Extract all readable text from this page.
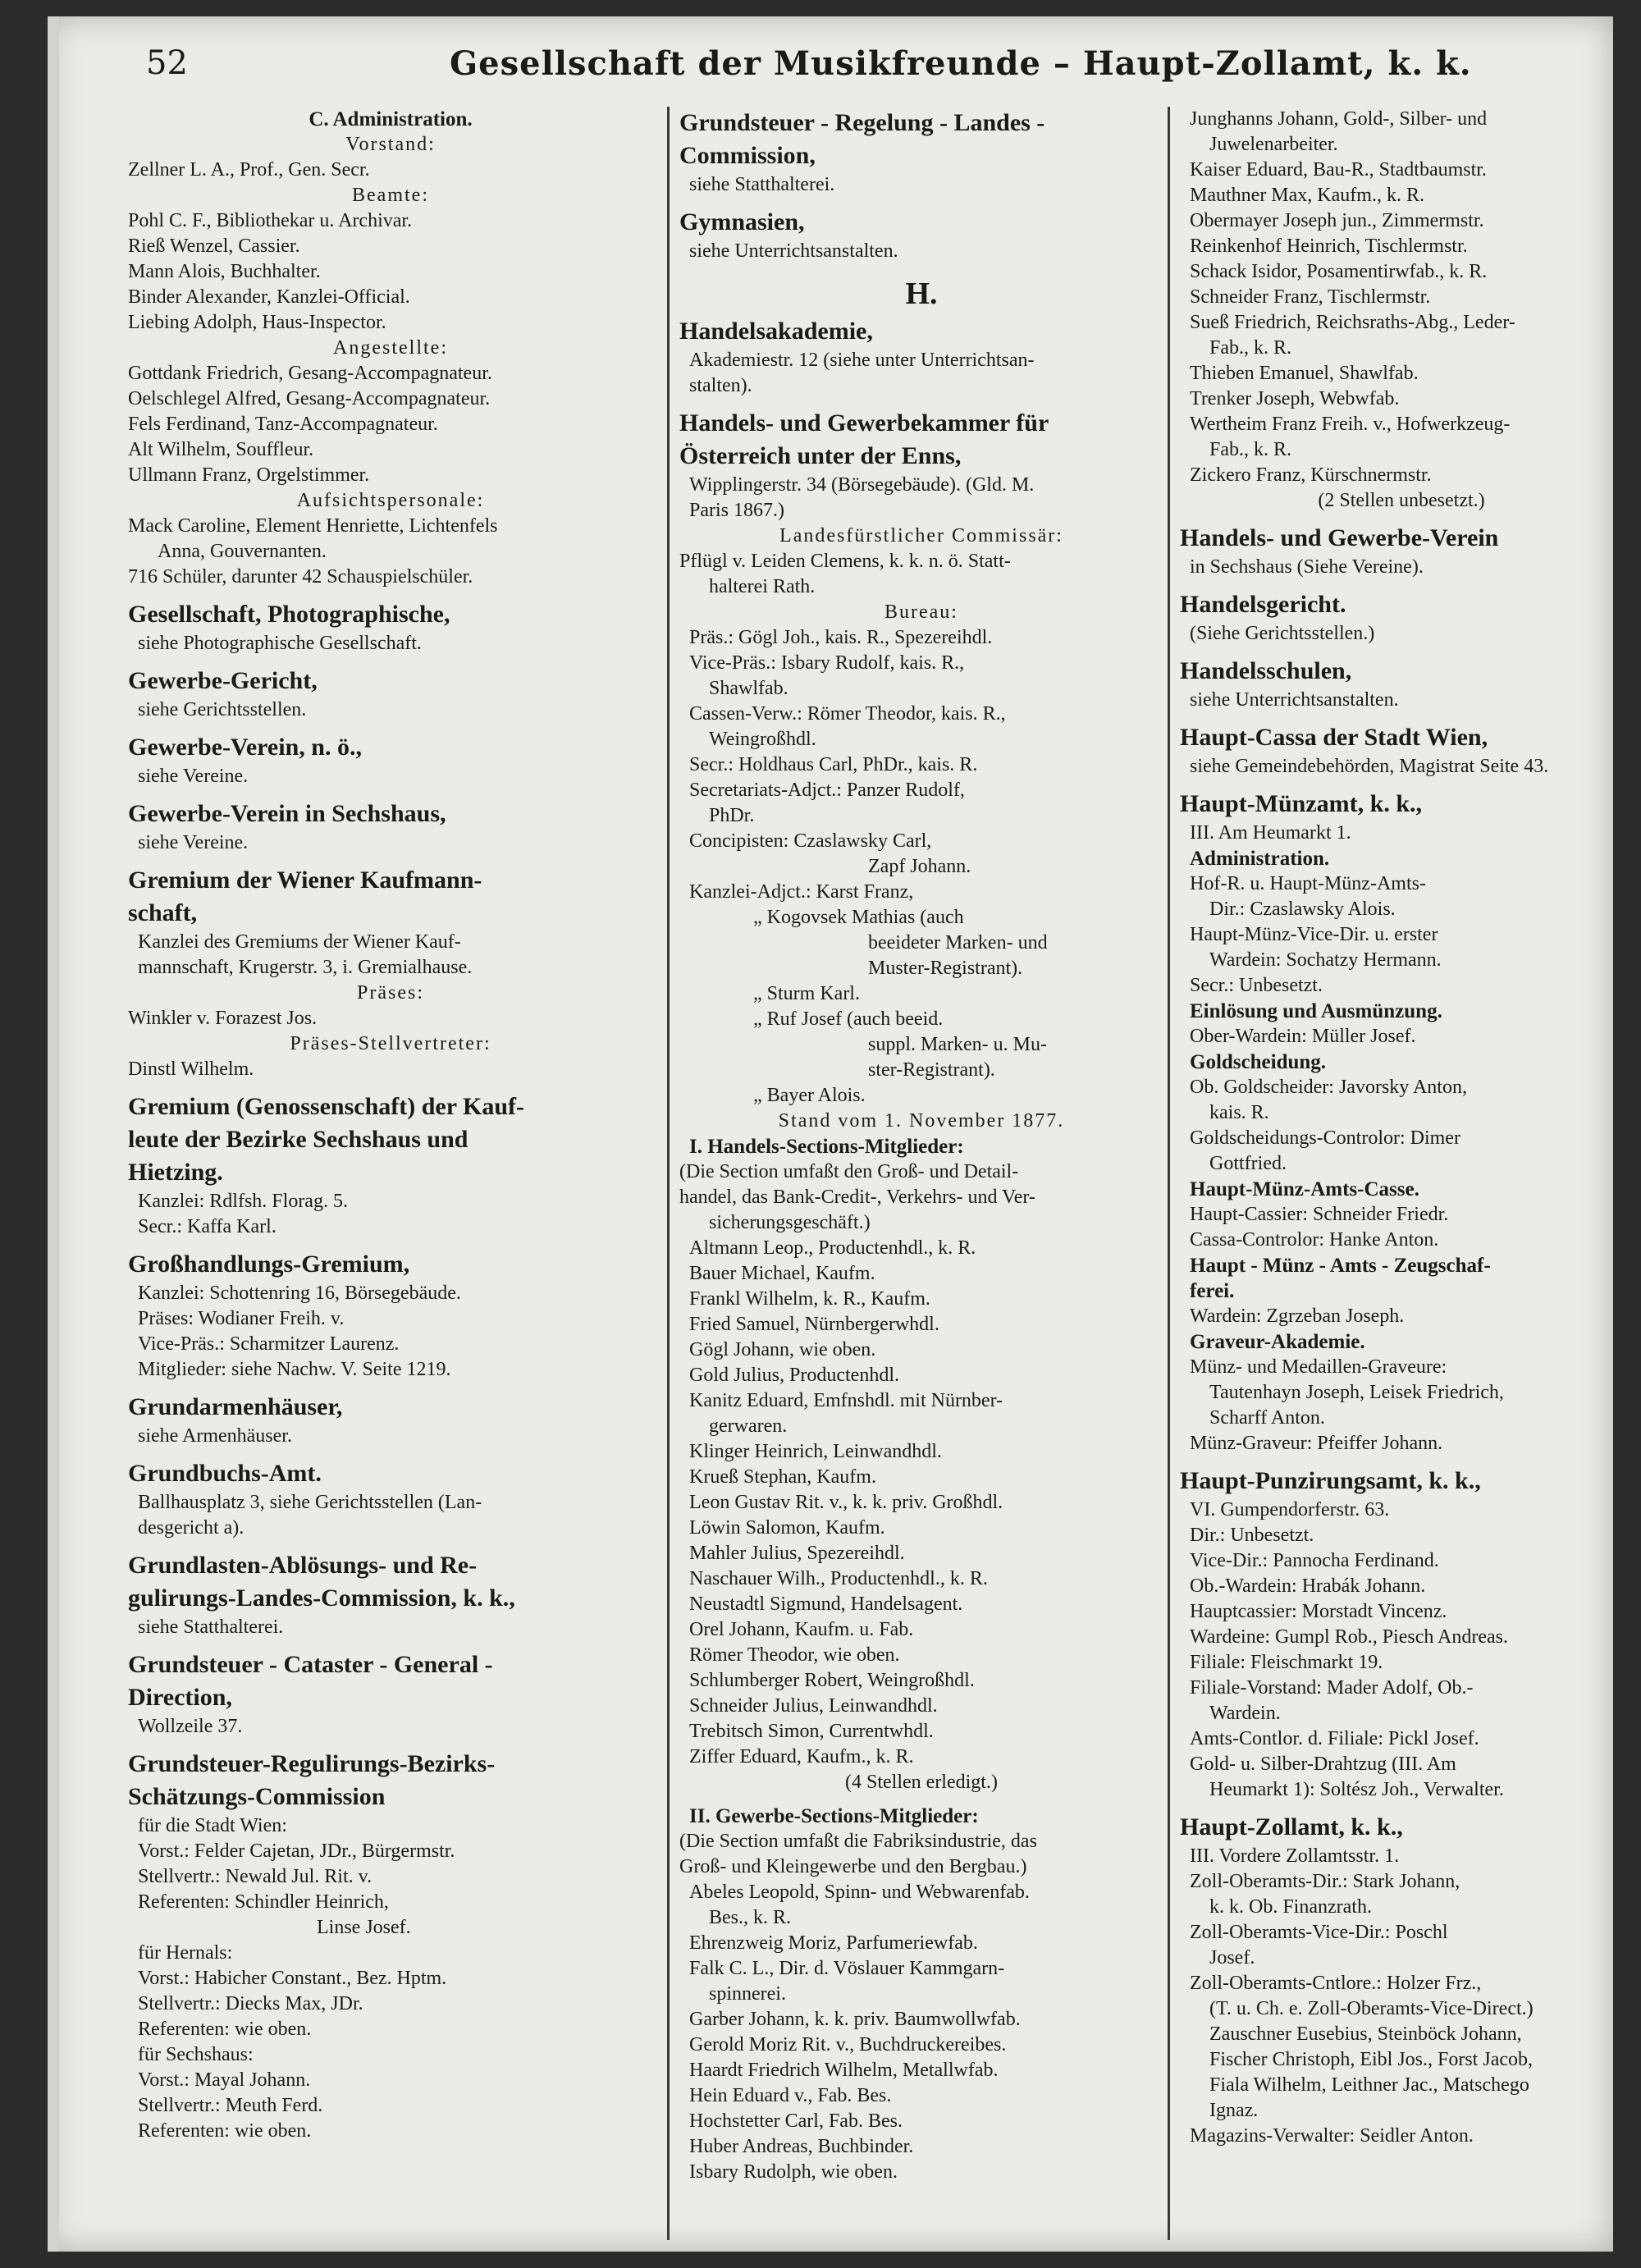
52	Gesellschaft der Musikfreunde – Haupt-Zollamt, k. k.
C. Administration.
Vorstand:
Zellner L. A., Prof., Gen. Secr.
Beamte:
Pohl C. F., Bibliothekar u. Archivar.
Rieß Wenzel, Cassier.
Mann Alois, Buchhalter.
Binder Alexander, Kanzlei-Official.
Liebing Adolph, Haus-Inspector.
Angestellte:
Gottdank Friedrich, Gesang-Accompagnateur.
Oelschlegel Alfred, Gesang-Accompagnateur.
Fels Ferdinand, Tanz-Accompagnateur.
Alt Wilhelm, Souffleur.
Ullmann Franz, Orgelstimmer.
Aufsichtspersonale:
Mack Caroline, Element Henriette, Lichtenfels
Anna, Gouvernanten.
716 Schüler, darunter 42 Schauspielschüler.
Gesellschaft, Photographische,
siehe Photographische Gesellschaft.
Gewerbe-Gericht,
siehe Gerichtsstellen.
Gewerbe-Verein, n. ö.,
siehe Vereine.
Gewerbe-Verein in Sechshaus,
siehe Vereine.
Gremium der Wiener Kaufmann-
schaft,
Kanzlei des Gremiums der Wiener Kauf-
mannschaft, Krugerstr. 3, i. Gremialhause.
Präses:
Winkler v. Forazest Jos.
Präses-Stellvertreter:
Dinstl Wilhelm.
Gremium (Genossenschaft) der Kauf-
leute der Bezirke Sechshaus und
Hietzing.
Kanzlei: Rdlfsh. Florag. 5.
Secr.: Kaffa Karl.
Großhandlungs-Gremium,
Kanzlei: Schottenring 16, Börsegebäude.
Präses: Wodianer Freih. v.
Vice-Präs.: Scharmitzer Laurenz.
Mitglieder: siehe Nachw. V. Seite 1219.
Grundarmenhäuser,
siehe Armenhäuser.
Grundbuchs-Amt.
Ballhausplatz 3, siehe Gerichtsstellen (Lan-
desgericht a).
Grundlasten-Ablösungs- und Re-
gulirungs-Landes-Commission, k. k.,
siehe Statthalterei.
Grundsteuer - Cataster - General -
Direction,
Wollzeile 37.
Grundsteuer-Regulirungs-Bezirks-
Schätzungs-Commission
für die Stadt Wien:
Vorst.: Felder Cajetan, JDr., Bürgermstr.
Stellvertr.: Newald Jul. Rit. v.
Referenten: Schindler Heinrich,
Linse Josef.
für Hernals:
Vorst.: Habicher Constant., Bez. Hptm.
Stellvertr.: Diecks Max, JDr.
Referenten: wie oben.
für Sechshaus:
Vorst.: Mayal Johann.
Stellvertr.: Meuth Ferd.
Referenten: wie oben.
Grundsteuer - Regelung - Landes -
Commission,
siehe Statthalterei.
Gymnasien,
siehe Unterrichtsanstalten.
H.
Handelsakademie,
Akademiestr. 12 (siehe unter Unterrichtsan-
stalten).
Handels- und Gewerbekammer für
Österreich unter der Enns,
Wipplingerstr. 34 (Börsegebäude). (Gld. M.
Paris 1867.)
Landesfürstlicher Commissär:
Pflügl v. Leiden Clemens, k. k. n. ö. Statt-
halterei Rath.
Bureau:
Präs.: Gögl Joh., kais. R., Spezereihdl.
Vice-Präs.: Isbary Rudolf, kais. R.,
Shawlfab.
Cassen-Verw.: Römer Theodor, kais. R.,
Weingroßhdl.
Secr.: Holdhaus Carl, PhDr., kais. R.
Secretariats-Adjct.: Panzer Rudolf,
PhDr.
Concipisten: Czaslawsky Carl,
Zapf Johann.
Kanzlei-Adjct.: Karst Franz,
„ Kogovsek Mathias (auch
beeideter Marken- und
Muster-Registrant).
„ Sturm Karl.
„ Ruf Josef (auch beeid.
suppl. Marken- u. Mu-
ster-Registrant).
„ Bayer Alois.
Stand vom 1. November 1877.
I. Handels-Sections-Mitglieder:
(Die Section umfaßt den Groß- und Detail-
handel, das Bank-Credit-, Verkehrs- und Ver-
sicherungsgeschäft.)
Altmann Leop., Productenhdl., k. R.
Bauer Michael, Kaufm.
Frankl Wilhelm, k. R., Kaufm.
Fried Samuel, Nürnbergerwhdl.
Gögl Johann, wie oben.
Gold Julius, Productenhdl.
Kanitz Eduard, Emfnshdl. mit Nürnber-
gerwaren.
Klinger Heinrich, Leinwandhdl.
Krueß Stephan, Kaufm.
Leon Gustav Rit. v., k. k. priv. Großhdl.
Löwin Salomon, Kaufm.
Mahler Julius, Spezereihdl.
Naschauer Wilh., Productenhdl., k. R.
Neustadtl Sigmund, Handelsagent.
Orel Johann, Kaufm. u. Fab.
Römer Theodor, wie oben.
Schlumberger Robert, Weingroßhdl.
Schneider Julius, Leinwandhdl.
Trebitsch Simon, Currentwhdl.
Ziffer Eduard, Kaufm., k. R.
(4 Stellen erledigt.)
II. Gewerbe-Sections-Mitglieder:
(Die Section umfaßt die Fabriksindustrie, das
Groß- und Kleingewerbe und den Bergbau.)
Abeles Leopold, Spinn- und Webwarenfab.
Bes., k. R.
Ehrenzweig Moriz, Parfumeriewfab.
Falk C. L., Dir. d. Vöslauer Kammgarn-
spinnerei.
Garber Johann, k. k. priv. Baumwollwfab.
Gerold Moriz Rit. v., Buchdruckereibes.
Haardt Friedrich Wilhelm, Metallwfab.
Hein Eduard v., Fab. Bes.
Hochstetter Carl, Fab. Bes.
Huber Andreas, Buchbinder.
Isbary Rudolph, wie oben.
Junghanns Johann, Gold-, Silber- und
Juwelenarbeiter.
Kaiser Eduard, Bau-R., Stadtbaumstr.
Mauthner Max, Kaufm., k. R.
Obermayer Joseph jun., Zimmermstr.
Reinkenhof Heinrich, Tischlermstr.
Schack Isidor, Posamentirwfab., k. R.
Schneider Franz, Tischlermstr.
Sueß Friedrich, Reichsraths-Abg., Leder-
Fab., k. R.
Thieben Emanuel, Shawlfab.
Trenker Joseph, Webwfab.
Wertheim Franz Freih. v., Hofwerkzeug-
Fab., k. R.
Zickero Franz, Kürschnermstr.
(2 Stellen unbesetzt.)
Handels- und Gewerbe-Verein
in Sechshaus (Siehe Vereine).
Handelsgericht.
(Siehe Gerichtsstellen.)
Handelsschulen,
siehe Unterrichtsanstalten.
Haupt-Cassa der Stadt Wien,
siehe Gemeindebehörden, Magistrat Seite 43.
Haupt-Münzamt, k. k.,
III. Am Heumarkt 1.
Administration.
Hof-R. u. Haupt-Münz-Amts-
Dir.: Czaslawsky Alois.
Haupt-Münz-Vice-Dir. u. erster
Wardein: Sochatzy Hermann.
Secr.: Unbesetzt.
Einlösung und Ausmünzung.
Ober-Wardein: Müller Josef.
Goldscheidung.
Ob. Goldscheider: Javorsky Anton,
kais. R.
Goldscheidungs-Controlor: Dimer
Gottfried.
Haupt-Münz-Amts-Casse.
Haupt-Cassier: Schneider Friedr.
Cassa-Controlor: Hanke Anton.
Haupt - Münz - Amts - Zeugschaf-
ferei.
Wardein: Zgrzeban Joseph.
Graveur-Akademie.
Münz- und Medaillen-Graveure:
Tautenhayn Joseph, Leisek Friedrich,
Scharff Anton.
Münz-Graveur: Pfeiffer Johann.
Haupt-Punzirungsamt, k. k.,
VI. Gumpendorferstr. 63.
Dir.: Unbesetzt.
Vice-Dir.: Pannocha Ferdinand.
Ob.-Wardein: Hrabák Johann.
Hauptcassier: Morstadt Vincenz.
Wardeine: Gumpl Rob., Piesch Andreas.
Filiale: Fleischmarkt 19.
Filiale-Vorstand: Mader Adolf, Ob.-
Wardein.
Amts-Contlor. d. Filiale: Pickl Josef.
Gold- u. Silber-Drahtzug (III. Am
Heumarkt 1): Soltész Joh., Verwalter.
Haupt-Zollamt, k. k.,
III. Vordere Zollamtsstr. 1.
Zoll-Oberamts-Dir.: Stark Johann,
k. k. Ob. Finanzrath.
Zoll-Oberamts-Vice-Dir.: Poschl
Josef.
Zoll-Oberamts-Cntlore.: Holzer Frz.,
(T. u. Ch. e. Zoll-Oberamts-Vice-Direct.)
Zauschner Eusebius, Steinböck Johann,
Fischer Christoph, Eibl Jos., Forst Jacob,
Fiala Wilhelm, Leithner Jac., Matschego
Ignaz.
Magazins-Verwalter: Seidler Anton.
